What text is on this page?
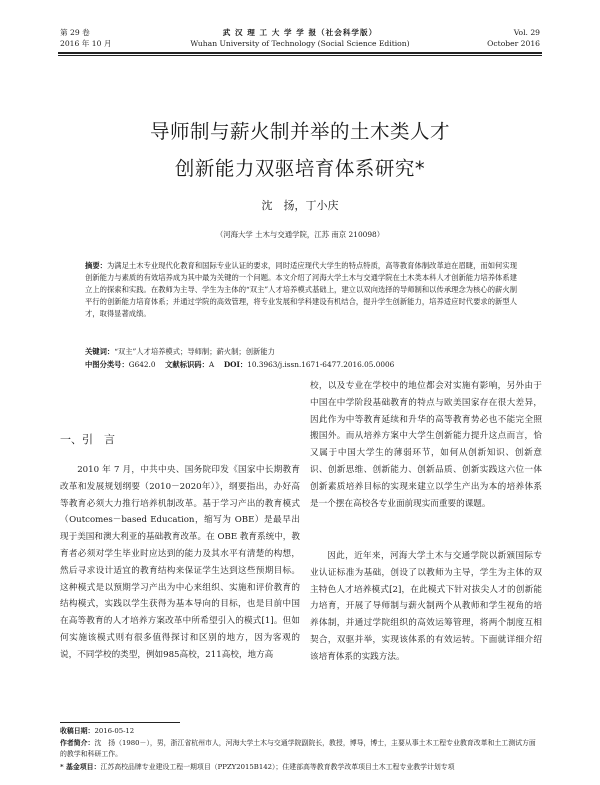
第 29 卷
2016 年 10 月
武 汉 理 工 大 学 学 报（社会科学版）
Wuhan University of Technology (Social Science Edition)
Vol. 29
October 2016
导师制与薪火制并举的土木类人才
创新能力双驱培育体系研究*
沈　扬，丁小庆
（河海大学 土木与交通学院，江苏 南京 210098）
摘要：为满足土木专业现代化教育和国际专业认证的要求，同时适应现代大学生的特点特质，高等教育体制改革迫在眉睫，而如何实现创新能力与素质的有效培养成为其中最为关键的一个问题。本文介绍了河海大学土木与交通学院在土木类本科人才创新能力培养体系建立上的探索和实践。在教师为主导、学生为主体的“双主”人才培养模式基础上，建立以双向选择的导师制和以传承理念为核心的薪火制平行的创新能力培育体系；并通过学院的高效管理，将专业发展和学科建设有机结合，提升学生创新能力，培养适应时代要求的新型人才，取得显著成绩。
关键词：“双主”人才培养模式；导师制；薪火制；创新能力
中图分类号：G642.0   文献标识码：A   DOI：10.3963/j.issn.1671-6477.2016.05.0006
一、引　言
2010 年 7 月，中共中央、国务院印发《国家中长期教育改革和发展规划纲要（2010－2020年）》，纲要指出，办好高等教育必须大力推行培养机制改革。基于学习产出的教育模式（Outcomes－based Education，缩写为 OBE）是最早出现于美国和澳大利亚的基础教育改革。在 OBE 教育系统中，教育者必须对学生毕业时应达到的能力及其水平有清楚的构想，然后寻求设计适宜的教育结构来保证学生达到这些预期目标。这种模式是以预期学习产出为中心来组织、实施和评价教育的结构模式，实践以学生获得为基本导向的目标，也是目前中国在高等教育的人才培养方案改革中所希望引入的模式[1]。但如何实施该模式则有很多值得探讨和区别的地方，因为客观的说，不同学校的类型，例如985高校，211高校，地方高
校，以及专业在学校中的地位都会对实施有影响，另外由于中国在中学阶段基础教育的特点与欧美国家存在很大差异，因此作为中等教育延续和升华的高等教育势必也不能完全照搬国外。而从培养方案中大学生创新能力提升这点而言，恰又属于中国大学生的薄弱环节，如何从创新知识、创新意识、创新思维、创新能力、创新品质、创新实践这六位一体创新素质培养目标的实现来建立以学生产出为本的培养体系是一个摆在高校各专业面前现实而重要的课题。
因此，近年来，河海大学土木与交通学院以新颁国际专业认证标准为基础，创设了以教师为主导，学生为主体的双主特色人才培养模式[2]，在此模式下针对拔尖人才的创新能力培育，开展了导师制与薪火制两个从教师和学生视角的培养体制，并通过学院组织的高效运筹管理，将两个制度互相契合，双驱并举，实现该体系的有效运转。下面就详细介绍该培育体系的实践方法。
收稿日期：2016-05-12
作者简介：沈　扬（1980－），男，浙江省杭州市人，河海大学土木与交通学院副院长，教授，博导，博士，主要从事土木工程专业教育改革和土工测试方面的教学和科研工作。
* 基金项目：江苏高校品牌专业建设工程一期项目（PPZY2015B142）；住建部高等教育教学改革项目土木工程专业教学计划专项
